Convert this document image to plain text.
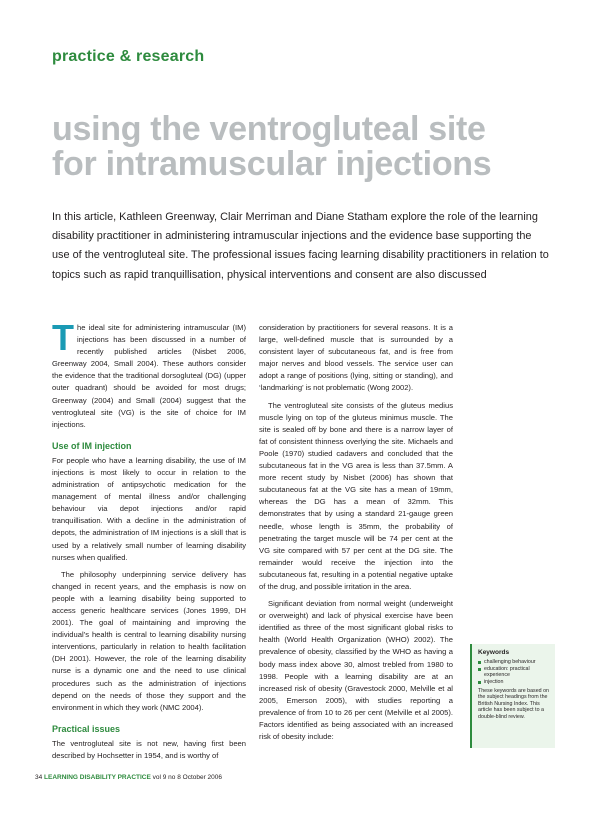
practice & research
using the ventrogluteal site
for intramuscular injections

In this article, Kathleen Greenway, Clair Merriman and Diane Statham explore the role of the learning disability practitioner in administering intramuscular injections and the evidence base supporting the use of the ventrogluteal site. The professional issues facing learning disability practitioners in relation to topics such as rapid tranquillisation, physical interventions and consent are also discussed

The ideal site for administering intramuscular (IM) injections has been discussed in a number of recently published articles (Nisbet 2006, Greenway 2004, Small 2004). These authors consider the evidence that the traditional dorsogluteal (DG) (upper outer quadrant) should be avoided for most drugs; Greenway (2004) and Small (2004) suggest that the ventrogluteal site (VG) is the site of choice for IM injections.

Use of IM injection

For people who have a learning disability, the use of IM injections is most likely to occur in relation to the administration of antipsychotic medication for the management of mental illness and/or challenging behaviour via depot injections and/or rapid tranquillisation. With a decline in the administration of depots, the administration of IM injections is a skill that is used by a relatively small number of learning disability nurses when qualified.

The philosophy underpinning service delivery has changed in recent years, and the emphasis is now on people with a learning disability being supported to access generic healthcare services (Jones 1999, DH 2001). The goal of maintaining and improving the individual’s health is central to learning disability nursing interventions, particularly in relation to health facilitation (DH 2001). However, the role of the learning disability nurse is a dynamic one and the need to use clinical procedures such as the administration of injections depend on the needs of those they support and the environment in which they work (NMC 2004).

Practical issues

The ventrogluteal site is not new, having first been described by Hochsetter in 1954, and is worthy of

consideration by practitioners for several reasons. It is a large, well-defined muscle that is surrounded by a consistent layer of subcutaneous fat, and is free from major nerves and blood vessels. The service user can adopt a range of positions (lying, sitting or standing), and ‘landmarking’ is not problematic (Wong 2002).

The ventrogluteal site consists of the gluteus medius muscle lying on top of the gluteus minimus muscle. The site is sealed off by bone and there is a narrow layer of fat of consistent thinness overlying the site. Michaels and Poole (1970) studied cadavers and concluded that the subcutaneous fat in the VG area is less than 37.5mm. A more recent study by Nisbet (2006) has shown that subcutaneous fat at the VG site has a mean of 19mm, whereas the DG has a mean of 32mm. This demonstrates that by using a standard 21-gauge green needle, whose length is 35mm, the probability of penetrating the target muscle will be 74 per cent at the VG site compared with 57 per cent at the DG site. The remainder would receive the injection into the subcutaneous fat, resulting in a potential negative uptake of the drug, and possible irritation in the area.

Significant deviation from normal weight (underweight or overweight) and lack of physical exercise have been identified as three of the most significant global risks to health (World Health Organization (WHO) 2002). The prevalence of obesity, classified by the WHO as having a body mass index above 30, almost trebled from 1980 to 1998. People with a learning disability are at an increased risk of obesity (Gravestock 2000, Melville et al 2005, Emerson 2005), with studies reporting a prevalence of from 10 to 26 per cent (Melville et al 2005). Factors identified as being associated with an increased risk of obesity include:

Keywords
challenging behaviour
education: practical experience
injection

These keywords are based on the subject headings from the British Nursing Index. This article has been subject to a double-blind review.

34 LEARNING DISABILITY PRACTICE vol 9 no 8 October 2006
